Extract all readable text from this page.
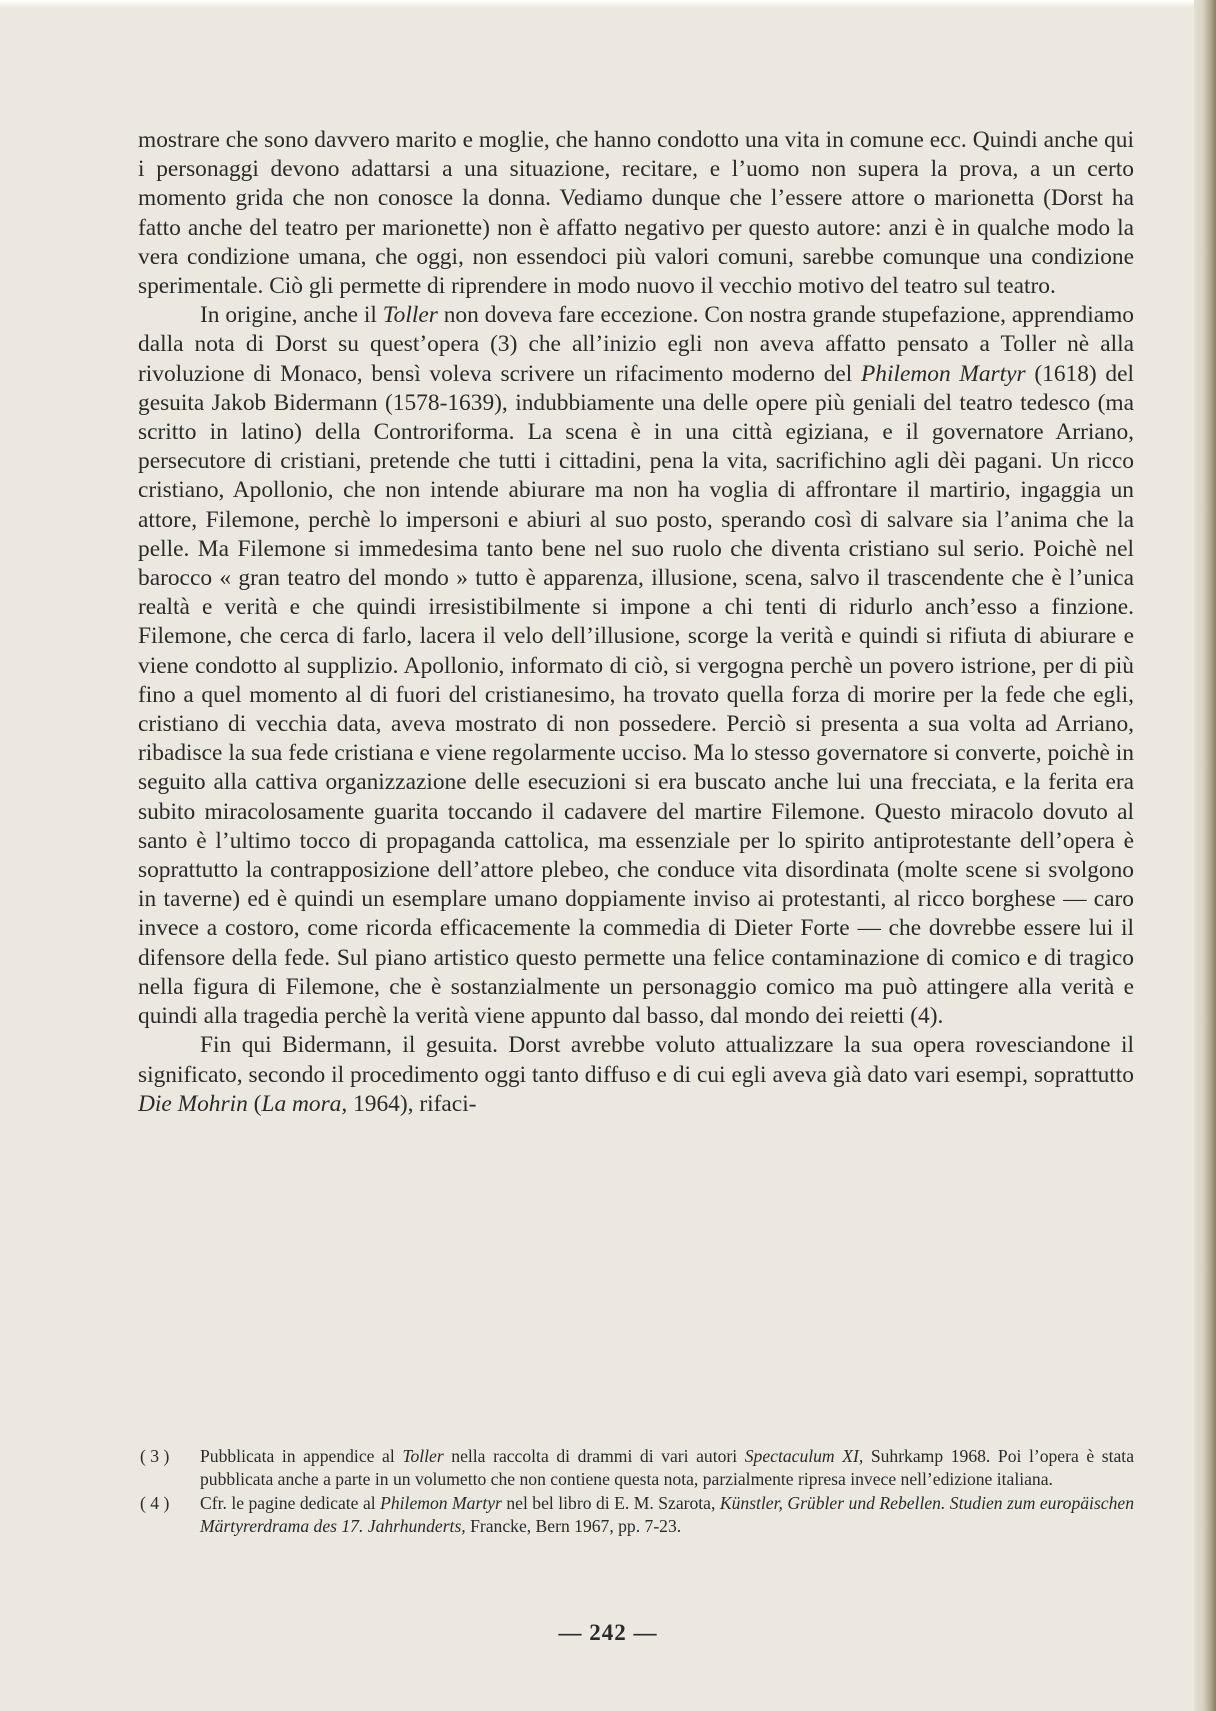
mostrare che sono davvero marito e moglie, che hanno condotto una vita in comune ecc. Quindi anche qui i personaggi devono adattarsi a una situazione, recitare, e l’uomo non supera la prova, a un certo momento grida che non conosce la donna. Vediamo dunque che l’essere attore o marionetta (Dorst ha fatto anche del teatro per marionette) non è affatto negativo per questo autore: anzi è in qualche modo la vera condizione umana, che oggi, non essendoci più valori comuni, sarebbe comunque una condizione sperimentale. Ciò gli permette di riprendere in modo nuovo il vecchio motivo del teatro sul teatro.

In origine, anche il Toller non doveva fare eccezione. Con nostra grande stupefazione, apprendiamo dalla nota di Dorst su quest’opera (3) che all’inizio egli non aveva affatto pensato a Toller nè alla rivoluzione di Monaco, bensì voleva scrivere un rifacimento moderno del Philemon Martyr (1618) del gesuita Jakob Bidermann (1578-1639), indubbiamente una delle opere più geniali del teatro tedesco (ma scritto in latino) della Controriforma. La scena è in una città egiziana, e il governatore Arriano, persecutore di cristiani, pretende che tutti i cittadini, pena la vita, sacrifichino agli dèi pagani. Un ricco cristiano, Apollonio, che non intende abiurare ma non ha voglia di affrontare il martirio, ingaggia un attore, Filemone, perchè lo impersoni e abiuri al suo posto, sperando così di salvare sia l’anima che la pelle. Ma Filemone si immedesima tanto bene nel suo ruolo che diventa cristiano sul serio. Poichè nel barocco « gran teatro del mondo » tutto è apparenza, illusione, scena, salvo il trascendente che è l’unica realtà e verità e che quindi irresistibilmente si impone a chi tenti di ridurlo anch’esso a finzione. Filemone, che cerca di farlo, lacera il velo dell’illusione, scorge la verità e quindi si rifiuta di abiurare e viene condotto al supplizio. Apollonio, informato di ciò, si vergogna perchè un povero istrione, per di più fino a quel momento al di fuori del cristianesimo, ha trovato quella forza di morire per la fede che egli, cristiano di vecchia data, aveva mostrato di non possedere. Perciò si presenta a sua volta ad Arriano, ribadisce la sua fede cristiana e viene regolarmente ucciso. Ma lo stesso governatore si converte, poichè in seguito alla cattiva organizzazione delle esecuzioni si era buscato anche lui una frecciata, e la ferita era subito miracolosamente guarita toccando il cadavere del martire Filemone. Questo miracolo dovuto al santo è l’ultimo tocco di propaganda cattolica, ma essenziale per lo spirito antiprotestante dell’opera è soprattutto la contrapposizione dell’attore plebeo, che conduce vita disordinata (molte scene si svolgono in taverne) ed è quindi un esemplare umano doppiamente inviso ai protestanti, al ricco borghese — caro invece a costoro, come ricorda efficacemente la commedia di Dieter Forte — che dovrebbe essere lui il difensore della fede. Sul piano artistico questo permette una felice contaminazione di comico e di tragico nella figura di Filemone, che è sostanzialmente un personaggio comico ma può attingere alla verità e quindi alla tragedia perchè la verità viene appunto dal basso, dal mondo dei reietti (4).

Fin qui Bidermann, il gesuita. Dorst avrebbe voluto attualizzare la sua opera rovesciandone il significato, secondo il procedimento oggi tanto diffuso e di cui egli aveva già dato vari esempi, soprattutto Die Mohrin (La mora, 1964), rifaci-

( 3 )	Pubblicata in appendice al Toller nella raccolta di drammi di vari autori Spectaculum XI, Suhrkamp 1968. Poi l’opera è stata pubblicata anche a parte in un volumetto che non contiene questa nota, parzialmente ripresa invece nell’edizione italiana.
( 4 )	Cfr. le pagine dedicate al Philemon Martyr nel bel libro di E. M. Szarota, Künstler, Grübler und Rebellen. Studien zum europäischen Märtyrerdrama des 17. Jahrhunderts, Francke, Bern 1967, pp. 7-23.
— 242 —
